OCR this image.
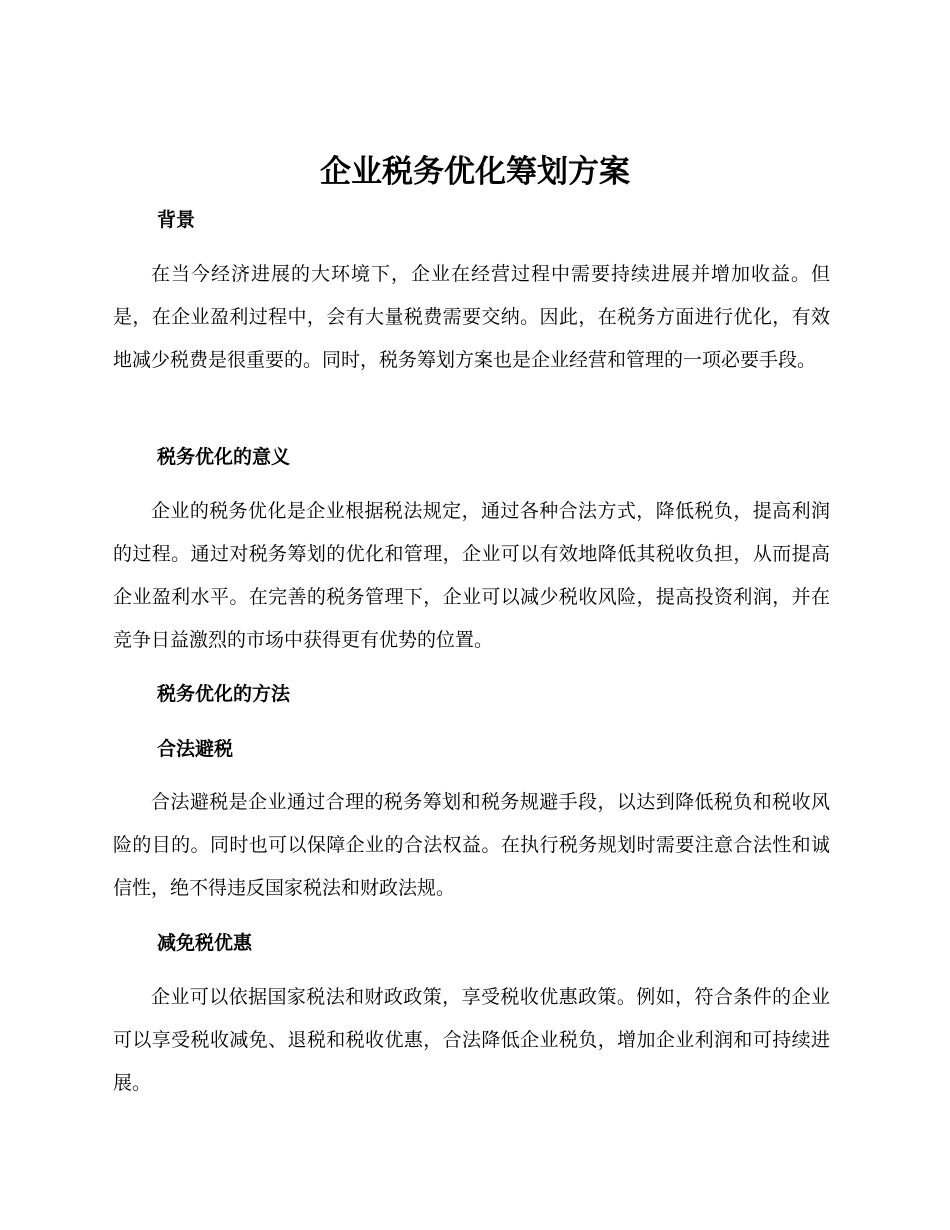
企业税务优化筹划方案
背景

在当今经济进展的大环境下，企业在经营过程中需要持续进展并增加收益。但是，在企业盈利过程中，会有大量税费需要交纳。因此，在税务方面进行优化，有效地减少税费是很重要的。同时，税务筹划方案也是企业经营和管理的一项必要手段。

税务优化的意义

企业的税务优化是企业根据税法规定，通过各种合法方式，降低税负，提高利润的过程。通过对税务筹划的优化和管理，企业可以有效地降低其税收负担，从而提高企业盈利水平。在完善的税务管理下，企业可以减少税收风险，提高投资利润，并在竞争日益激烈的市场中获得更有优势的位置。

税务优化的方法
合法避税

合法避税是企业通过合理的税务筹划和税务规避手段，以达到降低税负和税收风险的目的。同时也可以保障企业的合法权益。在执行税务规划时需要注意合法性和诚信性，绝不得违反国家税法和财政法规。

减免税优惠

企业可以依据国家税法和财政政策，享受税收优惠政策。例如，符合条件的企业可以享受税收减免、退税和税收优惠，合法降低企业税负，增加企业利润和可持续进展。
